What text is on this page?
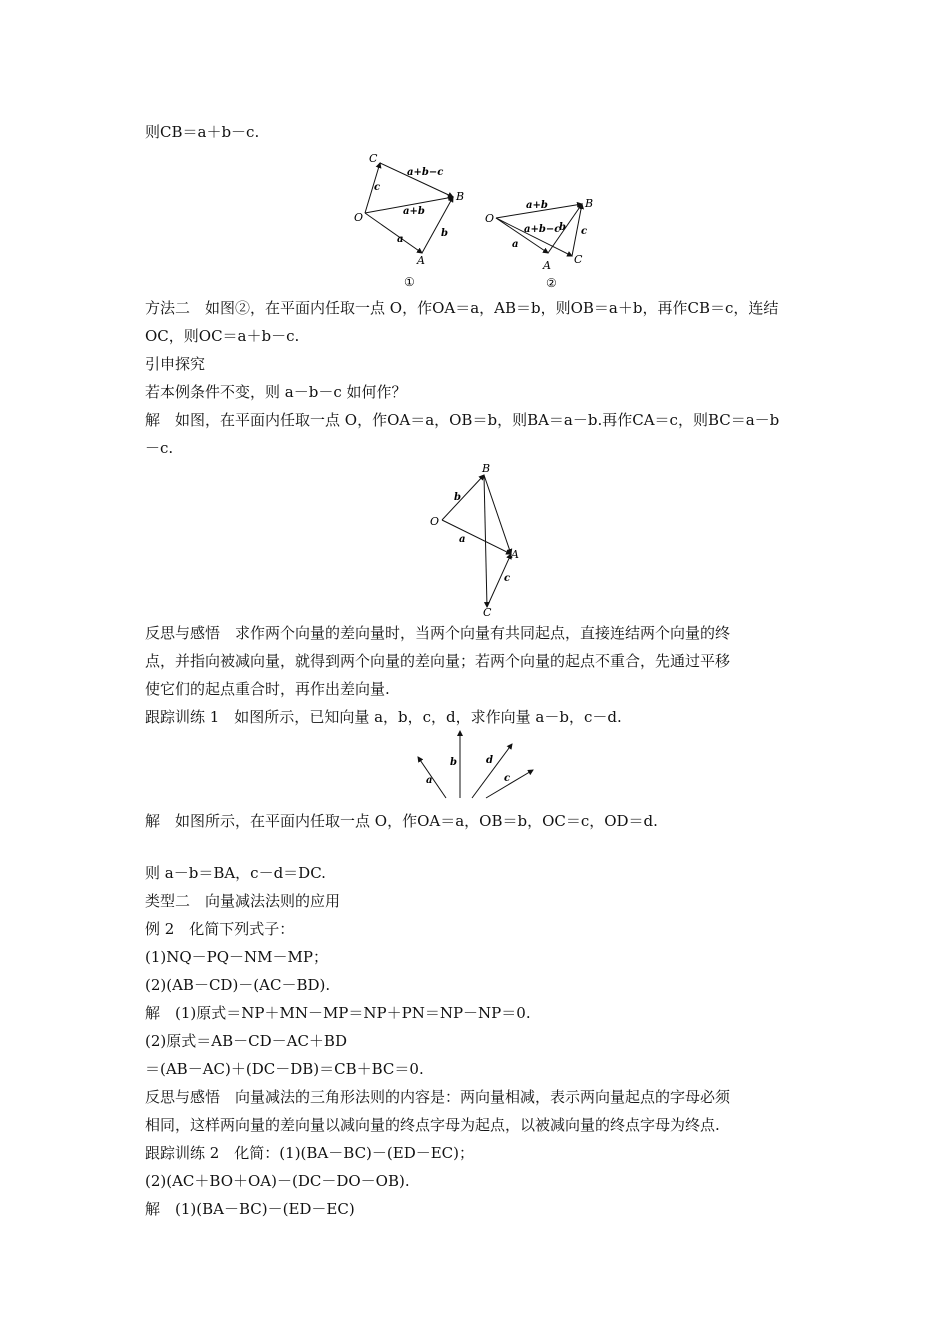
则CB＝a＋b－c.
C
B
O
A
a+b−c
a+b
c
a
b
①
O
B
A C
a+b
a+b−c
a
b c
②
方法二　如图②，在平面内任取一点 O，作OA＝a，AB＝b，则OB＝a＋b，再作CB＝c，连结
OC，则OC＝a＋b－c.
引申探究
若本例条件不变，则 a－b－c 如何作？
解　如图，在平面内任取一点 O，作OA＝a，OB＝b，则BA＝a－b.再作CA＝c，则BC＝a－b
－c.
B
O
A
C
b
a
c
反思与感悟　求作两个向量的差向量时，当两个向量有共同起点，直接连结两个向量的终
点，并指向被减向量，就得到两个向量的差向量；若两个向量的起点不重合，先通过平移
使它们的起点重合时，再作出差向量.
跟踪训练 1　如图所示，已知向量 a，b，c，d，求作向量 a－b，c－d.
a
b	d
c
解　如图所示，在平面内任取一点 O，作OA＝a，OB＝b，OC＝c，OD＝d.
则 a－b＝BA，c－d＝DC.
类型二　向量减法法则的应用
例 2　化简下列式子：
(1)NQ－PQ－NM－MP；
(2)(AB－CD)－(AC－BD).
解　(1)原式＝NP＋MN－MP＝NP＋PN＝NP－NP＝0.
(2)原式＝AB－CD－AC＋BD
＝(AB－AC)＋(DC－DB)＝CB＋BC＝0.
反思与感悟　向量减法的三角形法则的内容是：两向量相减，表示两向量起点的字母必须
相同，这样两向量的差向量以减向量的终点字母为起点，以被减向量的终点字母为终点.
跟踪训练 2　化简：(1)(BA－BC)－(ED－EC)；
(2)(AC＋BO＋OA)－(DC－DO－OB).
解　(1)(BA－BC)－(ED－EC)
